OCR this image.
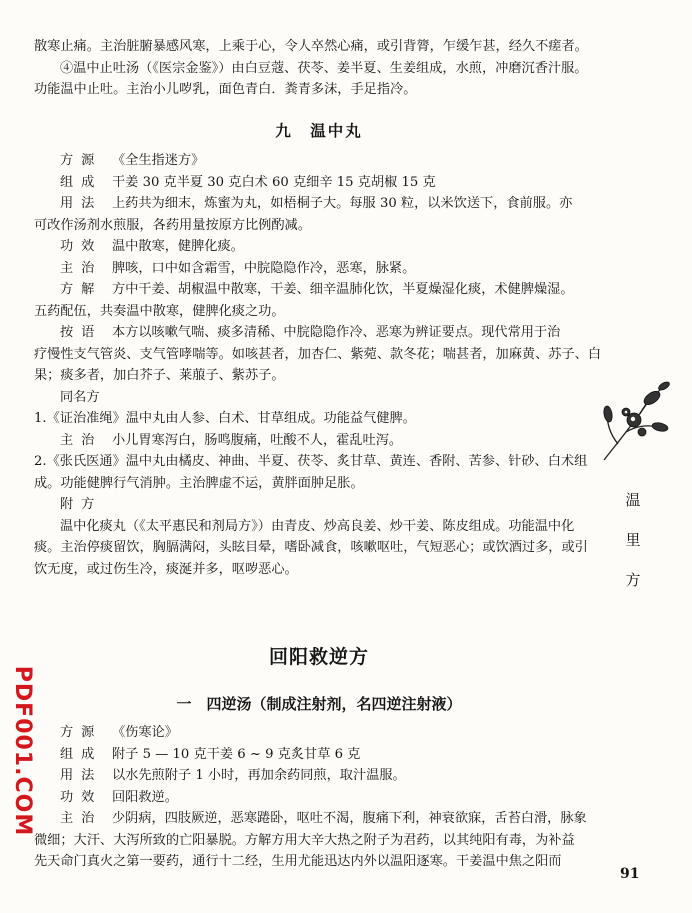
散寒止痛。主治脏腑暴感风寒，上乘于心，令人卒然心痛，或引背膂，乍缓乍甚，经久不瘥者。

④温中止吐汤（《医宗金鉴》）由白豆蔻、茯苓、姜半夏、生姜组成，水煎，冲磨沉香汁服。

功能温中止吐。主治小儿哕乳，面色青白．粪青多沫，手足指冷。

九　温中丸
方源 《全生指迷方》
组成 干姜 30 克半夏 30 克白术 60 克细辛 15 克胡椒 15 克
用法 上药共为细末，炼蜜为丸，如梧桐子大。每服 30 粒，以米饮送下，食前服。亦

可改作汤剂水煎服，各药用量按原方比例酌减。

功效 温中散寒，健脾化痰。
主治 脾咳，口中如含霜雪，中脘隐隐作冷，恶寒，脉紧。
方解 方中干姜、胡椒温中散寒，干姜、细辛温肺化饮，半夏燥湿化痰，术健脾燥湿。

五药配伍，共奏温中散寒，健脾化痰之功。

按语 本方以咳嗽气喘、痰多清稀、中脘隐隐作冷、恶寒为辨证要点。现代常用于治

疗慢性支气管炎、支气管哮喘等。如咳甚者，加杏仁、紫菀、款冬花；喘甚者，加麻黄、苏子、白

果；痰多者，加白芥子、莱菔子、紫苏子。

同名方

1.《证治准绳》温中丸由人参、白术、甘草组成。功能益气健脾。

主治 小儿胃寒泻白，肠鸣腹痛，吐酸不人，霍乱吐泻。

2.《张氏医通》温中丸由橘皮、神曲、半夏、茯苓、炙甘草、黄连、香附、苦参、针砂、白术组

成。功能健脾行气消肿。主治脾虚不运，黄胖面肿足胀。

附方

温中化痰丸（《太平惠民和剂局方》）由青皮、炒高良姜、炒干姜、陈皮组成。功能温中化

痰。主治停痰留饮，胸膈满闷，头眩目晕，嗜卧减食，咳嗽呕吐，气短恶心；或饮酒过多，或引

饮无度，或过伤生冷，痰涎并多，呕哕恶心。

回阳救逆方
一　四逆汤（制成注射剂，名四逆注射液）
方源 《伤寒论》
组成 附子 5 — 10 克干姜 6 ~ 9 克炙甘草 6 克
用法 以水先煎附子 1 小时，再加余药同煎，取汁温服。
功效 回阳救逆。
主治 少阴病，四肢厥逆，恶寒踡卧，呕吐不渴，腹痛下利，神衰欲寐，舌苔白滑，脉象

微细；大汗、大泻所致的亡阳暴脱。方解方用大辛大热之附子为君药，以其纯阳有毒，为补益

先天命门真火之第一要药，通行十二经，生用尤能迅达内外以温阳逐寒。干姜温中焦之阳而

温
里
方
PDF001.COM
91
